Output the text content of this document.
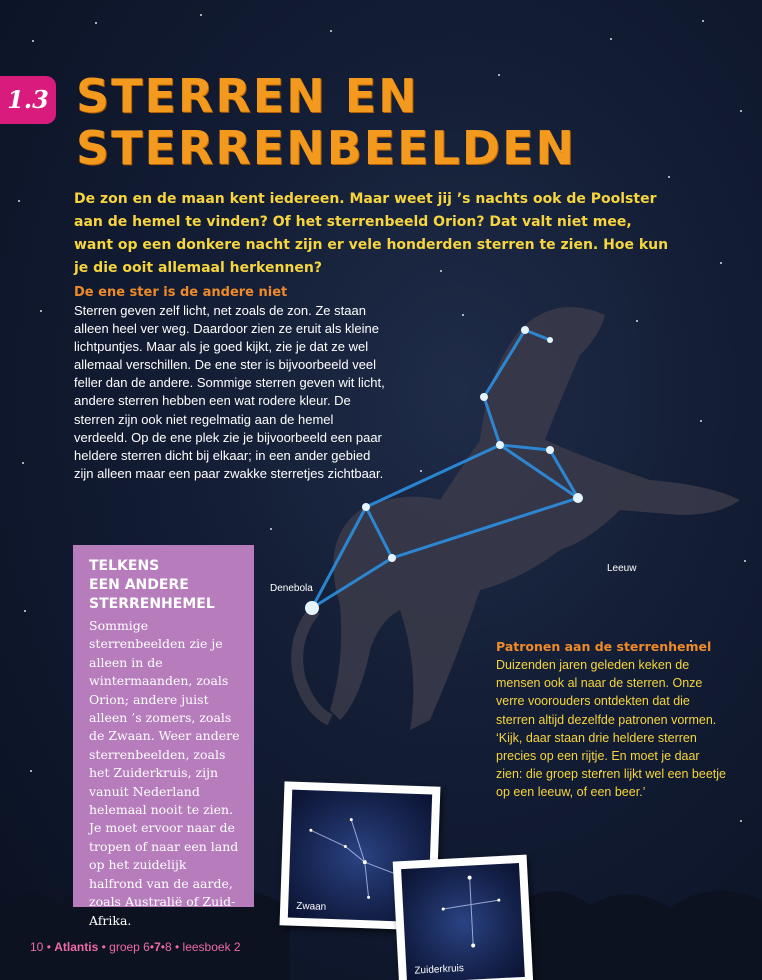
1.3 STERREN EN
STERRENBEELDEN

De zon en de maan kent iedereen. Maar weet jij ’s nachts ook de Poolster aan de hemel te vinden? Of het sterrenbeeld Orion? Dat valt niet mee, want op een donkere nacht zijn er vele honderden sterren te zien. Hoe kun je die ooit allemaal herkennen?

De ene ster is de andere niet

Sterren geven zelf licht, net zoals de zon. Ze staan alleen heel ver weg. Daardoor zien ze eruit als kleine lichtpuntjes. Maar als je goed kijkt, zie je dat ze wel allemaal verschillen. De ene ster is bijvoorbeeld veel feller dan de andere. Sommige sterren geven wit licht, andere sterren hebben een wat rodere kleur. De sterren zijn ook niet regelmatig aan de hemel verdeeld. Op de ene plek zie je bijvoorbeeld een paar heldere sterren dicht bij elkaar; in een ander gebied zijn alleen maar een paar zwakke sterretjes zichtbaar.

TELKENS
EEN ANDERE
STERRENHEMEL

Sommige sterrenbeelden zie je alleen in de wintermaanden, zoals Orion; andere juist alleen ’s zomers, zoals de Zwaan. Weer andere sterrenbeelden, zoals het Zuiderkruis, zijn vanuit Nederland helemaal nooit te zien. Je moet ervoor naar de tropen of naar een land op het zuidelijk halfrond van de aarde, zoals Australië of Zuid-Afrika.

Denebola
Leeuw
Patronen aan de sterrenhemel

Duizenden jaren geleden keken de mensen ook al naar de sterren. Onze verre voorouders ontdekten dat die sterren altijd dezelfde patronen vormen. ‘Kijk, daar staan drie heldere sterren precies op een rijtje. En moet je daar zien: die groep sterren lijkt wel een beetje op een leeuw, of een beer.’

Zwaan
Zuiderkruis
10 • Atlantis • groep 6•7•8 • leesboek 2
